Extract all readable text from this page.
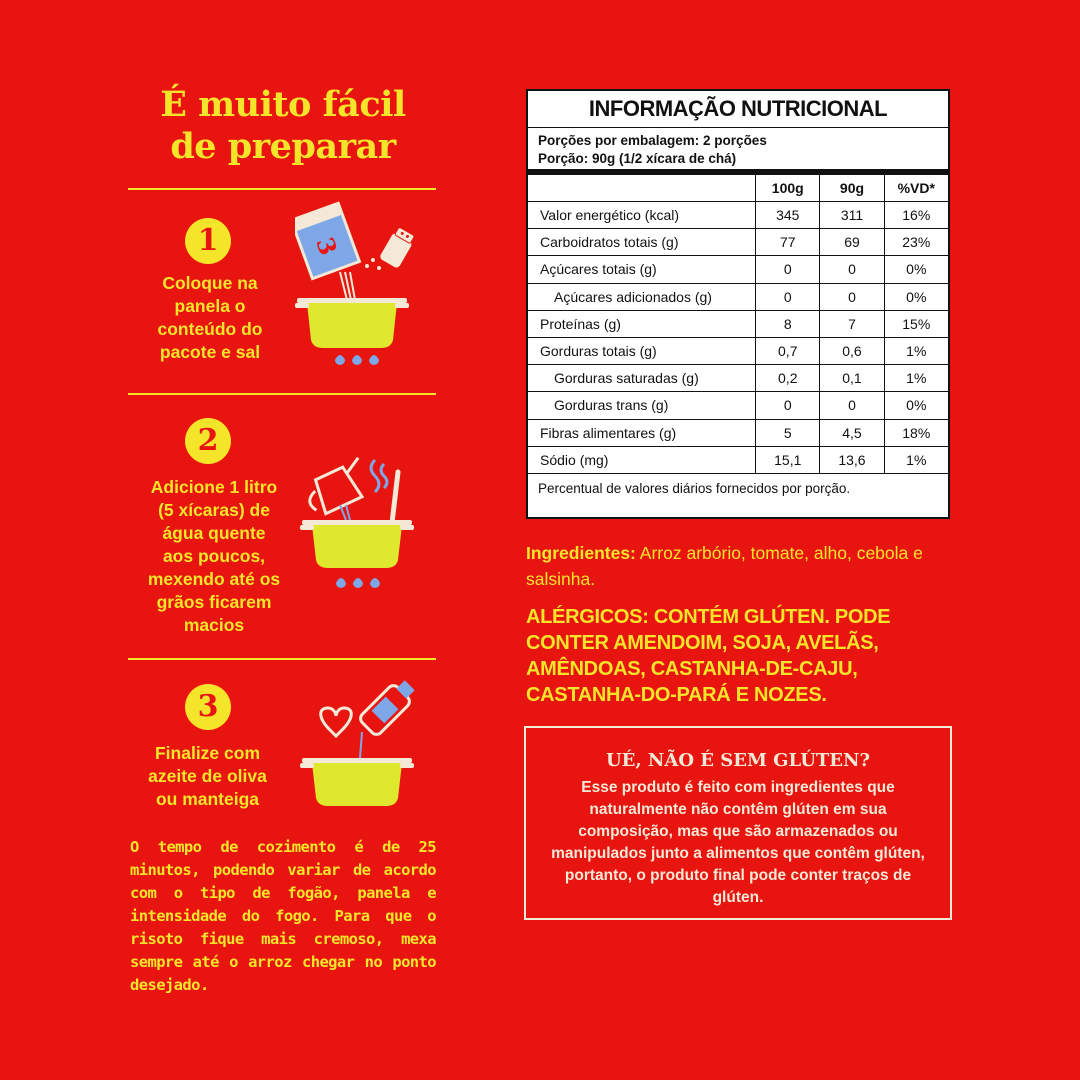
É muito fácil
de preparar
1
Coloque na
panela o
conteúdo do
pacote e sal
3
2
Adicione 1 litro
(5 xícaras) de
água quente
aos poucos,
mexendo até os
grãos ficarem
macios
3
Finalize com
azeite de oliva
ou manteiga
O tempo de cozimento é de 25 minutos, podendo variar de acordo com o tipo de fogão, panela e intensidade do fogo. Para que o risoto fique mais cremoso, mexa sempre até o arroz chegar no ponto desejado.
INFORMAÇÃO NUTRICIONAL
Porções por embalagem: 2 porções
Porção: 90g (1/2 xícara de chá)
	100g	90g	%VD*
Valor energético (kcal)	345	311	16%
Carboidratos totais (g)	77	69	23%
Açúcares totais (g)	0	0	0%
Açúcares adicionados (g)	0	0	0%
Proteínas (g)	8	7	15%
Gorduras totais (g)	0,7	0,6	1%
Gorduras saturadas (g)	0,2	0,1	1%
Gorduras trans (g)	0	0	0%
Fibras alimentares (g)	5	4,5	18%
Sódio (mg)	15,1	13,6	1%
Percentual de valores diários fornecidos por porção.
Ingredientes: Arroz arbório, tomate, alho, cebola e salsinha.
ALÉRGICOS: CONTÉM GLÚTEN. PODE CONTER AMENDOIM, SOJA, AVELÃS, AMÊNDOAS, CASTANHA-DE-CAJU, CASTANHA-DO-PARÁ E NOZES.
UÉ, NÃO É SEM GLÚTEN?
Esse produto é feito com ingredientes que naturalmente não contêm glúten em sua composição, mas que são armazenados ou manipulados junto a alimentos que contêm glúten, portanto, o produto final pode conter traços de glúten.
